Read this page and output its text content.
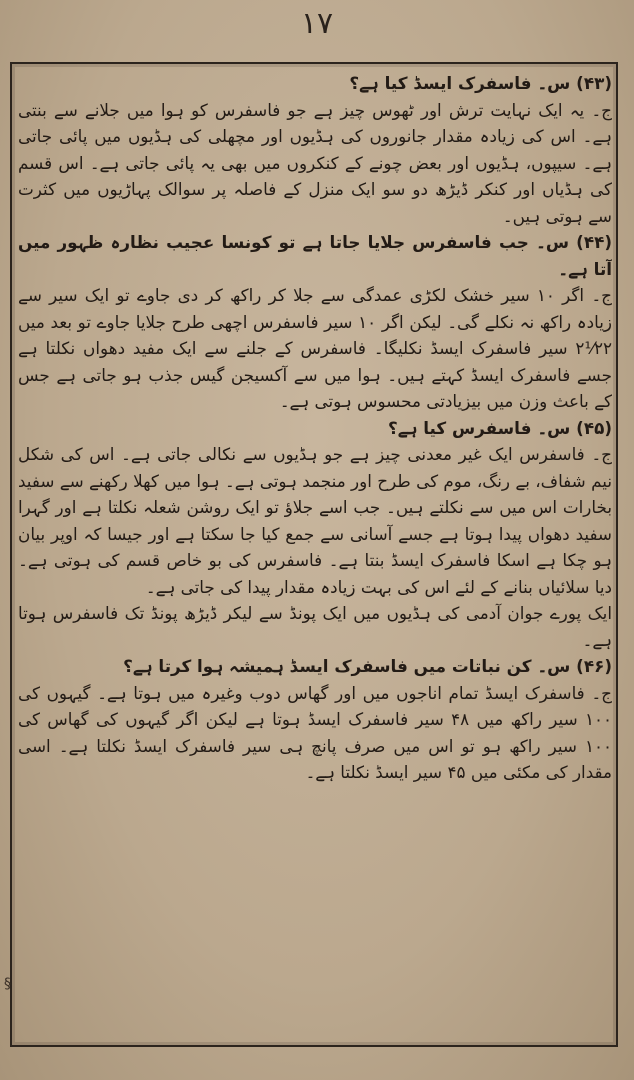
۱۷

(۴۳) س۔ فاسفرک ایسڈ کیا ہے؟

ج۔ یہ ایک نہایت ترش اور ٹھوس چیز ہے جو فاسفرس کو ہوا میں جلانے سے بنتی ہے۔ اس کی زیادہ مقدار جانوروں کی ہڈیوں اور مچھلی کی ہڈیوں میں پائی جاتی ہے۔ سیپوں، ہڈیوں اور بعض چونے کے کنکروں میں بھی یہ پائی جاتی ہے۔ اس قسم کی ہڈیاں اور کنکر ڈیڑھ دو سو ایک منزل کے فاصلہ پر سوالک پہاڑیوں میں کثرت سے ہوتی ہیں۔

(۴۴) س۔ جب فاسفرس جلایا جاتا ہے تو کونسا عجیب نظارہ ظہور میں آتا ہے۔

ج۔ اگر ۱۰ سیر خشک لکڑی عمدگی سے جلا کر راکھ کر دی جاوے تو ایک سیر سے زیادہ راکھ نہ نکلے گی۔ لیکن اگر ۱۰ سیر فاسفرس اچھی طرح جلایا جاوے تو بعد میں ۲۲⅟۲ سیر فاسفرک ایسڈ نکلیگا۔ فاسفرس کے جلنے سے ایک مفید دھواں نکلتا ہے جسے فاسفرک ایسڈ کہتے ہیں۔ ہوا میں سے آکسیجن گیس جذب ہو جاتی ہے جس کے باعث وزن میں بیزیادتی محسوس ہوتی ہے۔

(۴۵) س۔ فاسفرس کیا ہے؟

ج۔ فاسفرس ایک غیر معدنی چیز ہے جو ہڈیوں سے نکالی جاتی ہے۔ اس کی شکل نیم شفاف، بے رنگ، موم کی طرح اور منجمد ہوتی ہے۔ ہوا میں کھلا رکھنے سے سفید بخارات اس میں سے نکلتے ہیں۔ جب اسے جلاؤ تو ایک روشن شعلہ نکلتا ہے اور گہرا سفید دھواں پیدا ہوتا ہے جسے آسانی سے جمع کیا جا سکتا ہے اور جیسا کہ اوپر بیان ہو چکا ہے اسکا فاسفرک ایسڈ بنتا ہے۔ فاسفرس کی بو خاص قسم کی ہوتی ہے۔ دیا سلائیاں بنانے کے لئے اس کی بہت زیادہ مقدار پیدا کی جاتی ہے۔

ایک پورے جوان آدمی کی ہڈیوں میں ایک پونڈ سے لیکر ڈیڑھ پونڈ تک فاسفرس ہوتا ہے۔

(۴۶) س۔ کن نباتات میں فاسفرک ایسڈ ہمیشہ ہوا کرتا ہے؟

ج۔ فاسفرک ایسڈ تمام اناجوں میں اور گھاس دوب وغیرہ میں ہوتا ہے۔ گیہوں کی ۱۰۰ سیر راکھ میں ۴۸ سیر فاسفرک ایسڈ ہوتا ہے لیکن اگر گیہوں کی گھاس کی ۱۰۰ سیر راکھ ہو تو اس میں صرف پانچ ہی سیر فاسفرک ایسڈ نکلتا ہے۔ اسی مقدار کی مکئی میں ۴۵ سیر ایسڈ نکلتا ہے۔

§
